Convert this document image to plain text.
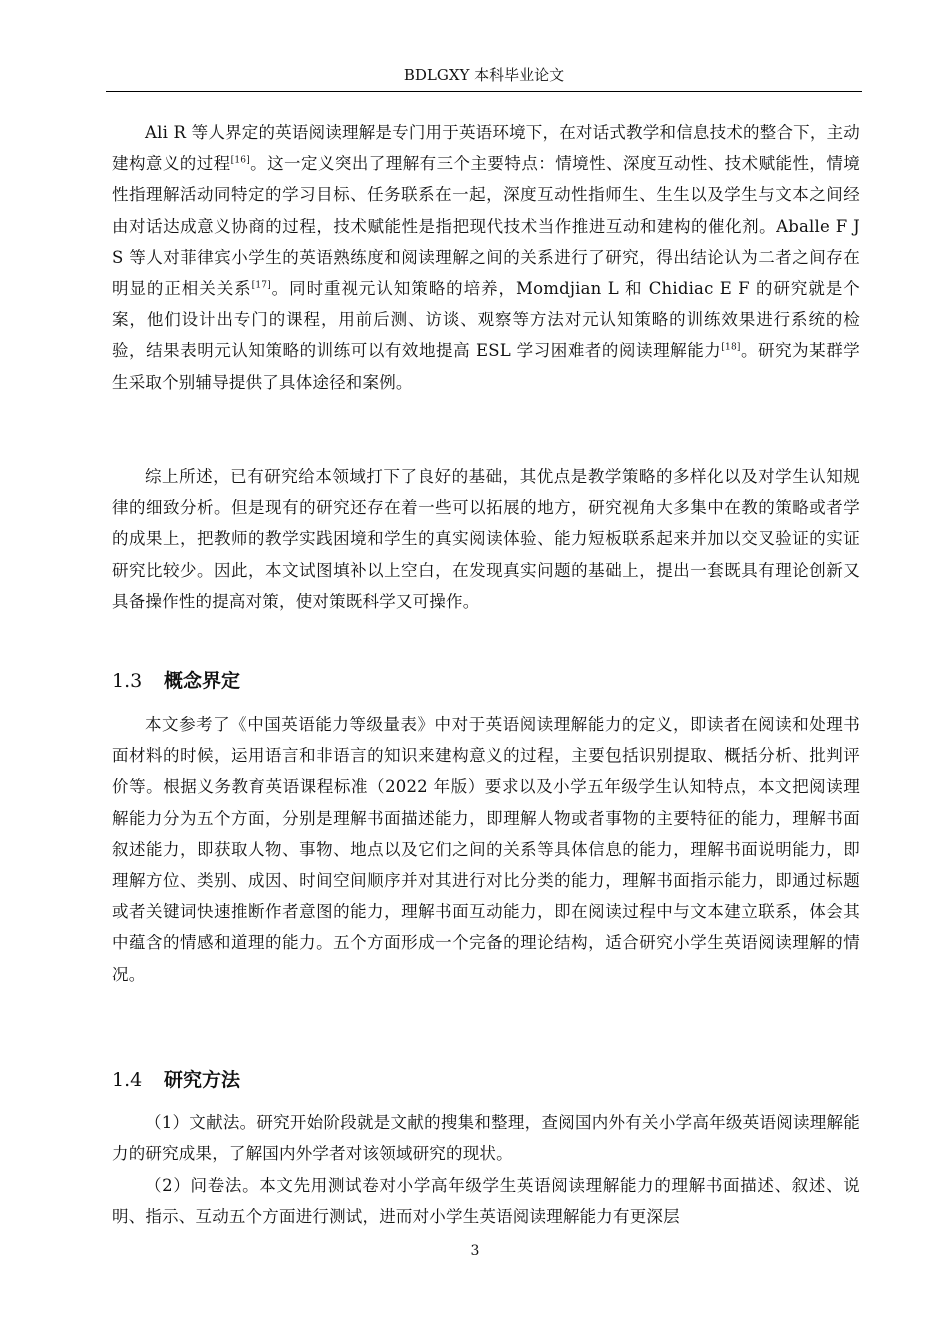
BDLGXY 本科毕业论文

Ali R 等人界定的英语阅读理解是专门用于英语环境下，在对话式教学和信息技术的整合下，主动建构意义的过程[16]。这一定义突出了理解有三个主要特点：情境性、深度互动性、技术赋能性，情境性指理解活动同特定的学习目标、任务联系在一起，深度互动性指师生、生生以及学生与文本之间经由对话达成意义协商的过程，技术赋能性是指把现代技术当作推进互动和建构的催化剂。Aballe F J S 等人对菲律宾小学生的英语熟练度和阅读理解之间的关系进行了研究，得出结论认为二者之间存在明显的正相关关系[17]。同时重视元认知策略的培养，Momdjian L 和 Chidiac E F 的研究就是个案，他们设计出专门的课程，用前后测、访谈、观察等方法对元认知策略的训练效果进行系统的检验，结果表明元认知策略的训练可以有效地提高 ESL 学习困难者的阅读理解能力[18]。研究为某群学生采取个别辅导提供了具体途径和案例。

综上所述，已有研究给本领域打下了良好的基础，其优点是教学策略的多样化以及对学生认知规律的细致分析。但是现有的研究还存在着一些可以拓展的地方，研究视角大多集中在教的策略或者学的成果上，把教师的教学实践困境和学生的真实阅读体验、能力短板联系起来并加以交叉验证的实证研究比较少。因此，本文试图填补以上空白，在发现真实问题的基础上，提出一套既具有理论创新又具备操作性的提高对策，使对策既科学又可操作。

1.3 概念界定

本文参考了《中国英语能力等级量表》中对于英语阅读理解能力的定义，即读者在阅读和处理书面材料的时候，运用语言和非语言的知识来建构意义的过程，主要包括识别提取、概括分析、批判评价等。根据义务教育英语课程标准（2022 年版）要求以及小学五年级学生认知特点，本文把阅读理解能力分为五个方面，分别是理解书面描述能力，即理解人物或者事物的主要特征的能力，理解书面叙述能力，即获取人物、事物、地点以及它们之间的关系等具体信息的能力，理解书面说明能力，即理解方位、类别、成因、时间空间顺序并对其进行对比分类的能力，理解书面指示能力，即通过标题或者关键词快速推断作者意图的能力，理解书面互动能力，即在阅读过程中与文本建立联系，体会其中蕴含的情感和道理的能力。五个方面形成一个完备的理论结构，适合研究小学生英语阅读理解的情况。

1.4 研究方法

（1）文献法。研究开始阶段就是文献的搜集和整理，查阅国内外有关小学高年级英语阅读理解能力的研究成果，了解国内外学者对该领域研究的现状。

（2）问卷法。本文先用测试卷对小学高年级学生英语阅读理解能力的理解书面描述、叙述、说明、指示、互动五个方面进行测试，进而对小学生英语阅读理解能力有更深层

3
